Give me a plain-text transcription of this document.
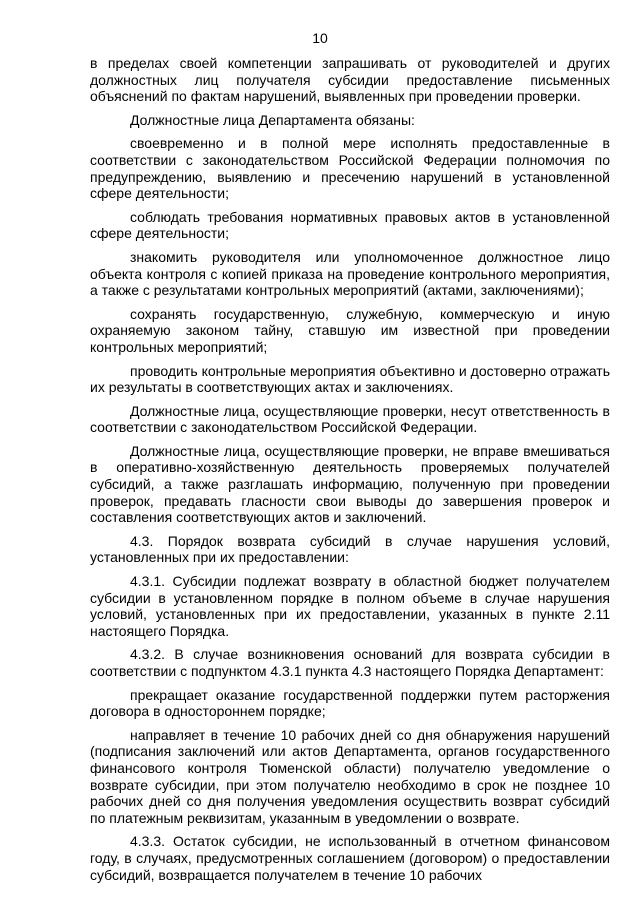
10

в пределах своей компетенции запрашивать от руководителей и других должностных лиц получателя субсидии предоставление письменных объяснений по фактам нарушений, выявленных при проведении проверки.

Должностные лица Департамента обязаны:

своевременно и в полной мере исполнять предоставленные в соответствии с законодательством Российской Федерации полномочия по предупреждению, выявлению и пресечению нарушений в установленной сфере деятельности;

соблюдать требования нормативных правовых актов в установленной сфере деятельности;

знакомить руководителя или уполномоченное должностное лицо объекта контроля с копией приказа на проведение контрольного мероприятия, а также с результатами контрольных мероприятий (актами, заключениями);

сохранять государственную, служебную, коммерческую и иную охраняемую законом тайну, ставшую им известной при проведении контрольных мероприятий;

проводить контрольные мероприятия объективно и достоверно отражать их результаты в соответствующих актах и заключениях.

Должностные лица, осуществляющие проверки, несут ответственность в соответствии с законодательством Российской Федерации.

Должностные лица, осуществляющие проверки, не вправе вмешиваться в оперативно-хозяйственную деятельность проверяемых получателей субсидий, а также разглашать информацию, полученную при проведении проверок, предавать гласности свои выводы до завершения проверок и составления соответствующих актов и заключений.

4.3. Порядок возврата субсидий в случае нарушения условий, установленных при их предоставлении:

4.3.1. Субсидии подлежат возврату в областной бюджет получателем субсидии в установленном порядке в полном объеме в случае нарушения условий, установленных при их предоставлении, указанных в пункте 2.11 настоящего Порядка.

4.3.2. В случае возникновения оснований для возврата субсидии в соответствии с подпунктом 4.3.1 пункта 4.3 настоящего Порядка Департамент:

прекращает оказание государственной поддержки путем расторжения договора в одностороннем порядке;

направляет в течение 10 рабочих дней со дня обнаружения нарушений (подписания заключений или актов Департамента, органов государственного финансового контроля Тюменской области) получателю уведомление о возврате субсидии, при этом получателю необходимо в срок не позднее 10 рабочих дней со дня получения уведомления осуществить возврат субсидий по платежным реквизитам, указанным в уведомлении о возврате.

4.3.3. Остаток субсидии, не использованный в отчетном финансовом году, в случаях, предусмотренных соглашением (договором) о предоставлении субсидий, возвращается получателем в течение 10 рабочих
